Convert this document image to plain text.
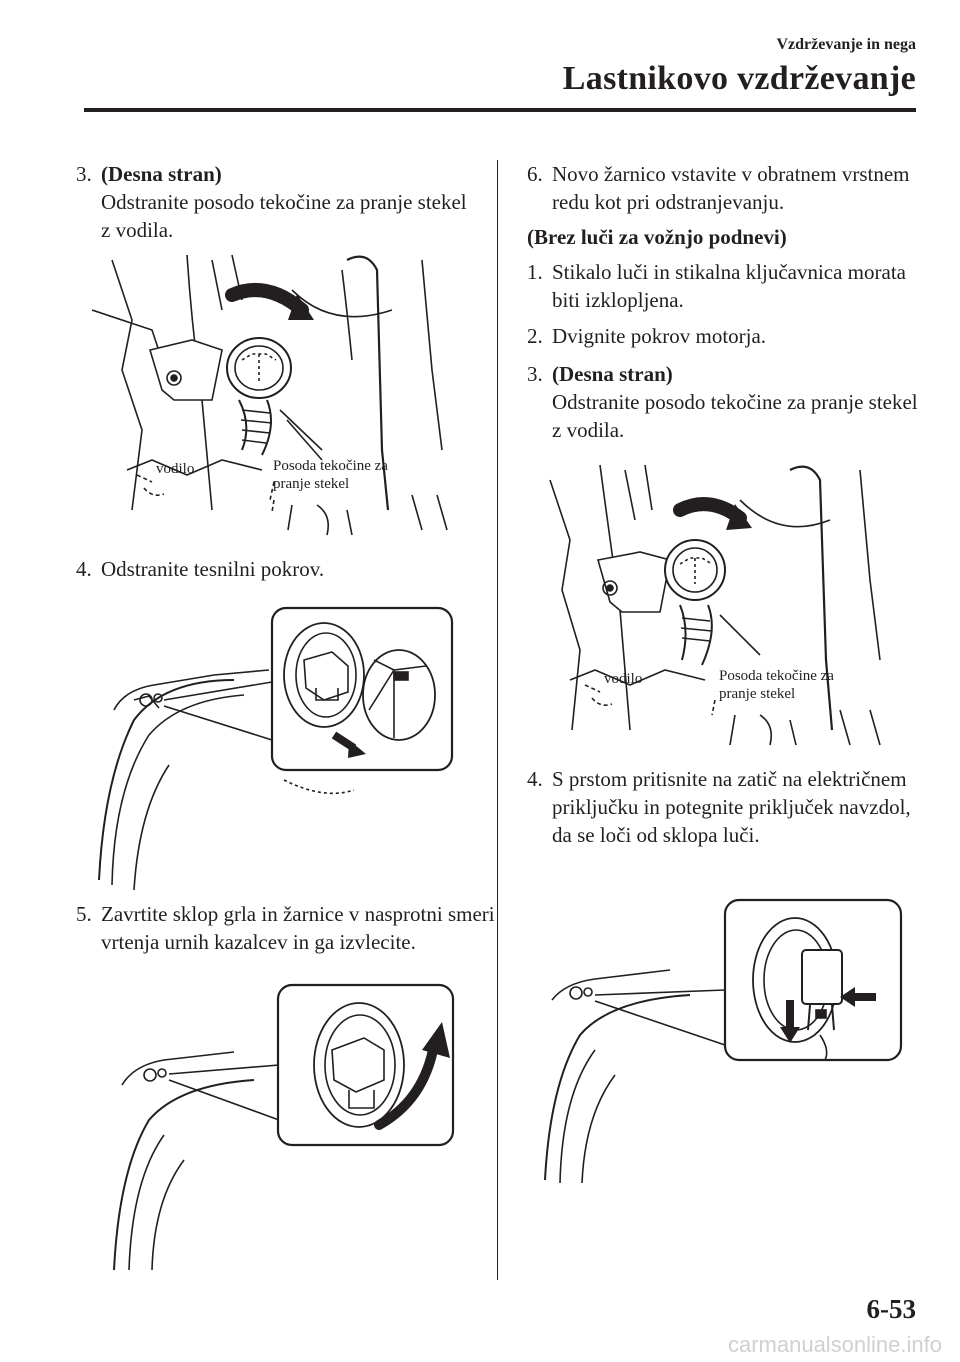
Vzdrževanje in nega
Lastnikovo vzdrževanje
3. (Desna stran)
Odstranite posodo tekočine za pranje stekel z vodila.
vodilo	Posoda tekočine za pranje stekel
4. Odstranite tesnilni pokrov.
5. Zavrtite sklop grla in žarnice v nasprotni smeri vrtenja urnih kazalcev in ga izvlecite.
6. Novo žarnico vstavite v obratnem vrstnem redu kot pri odstranjevanju.
(Brez luči za vožnjo podnevi)
1. Stikalo luči in stikalna ključavnica morata biti izklopljena.
2. Dvignite pokrov motorja.
3. (Desna stran)
Odstranite posodo tekočine za pranje stekel z vodila.
vodilo	Posoda tekočine za pranje stekel
4. S prstom pritisnite na zatič na električnem priključku in potegnite priključek navzdol, da se loči od sklopa luči.
6-53
carmanualsonline.info
